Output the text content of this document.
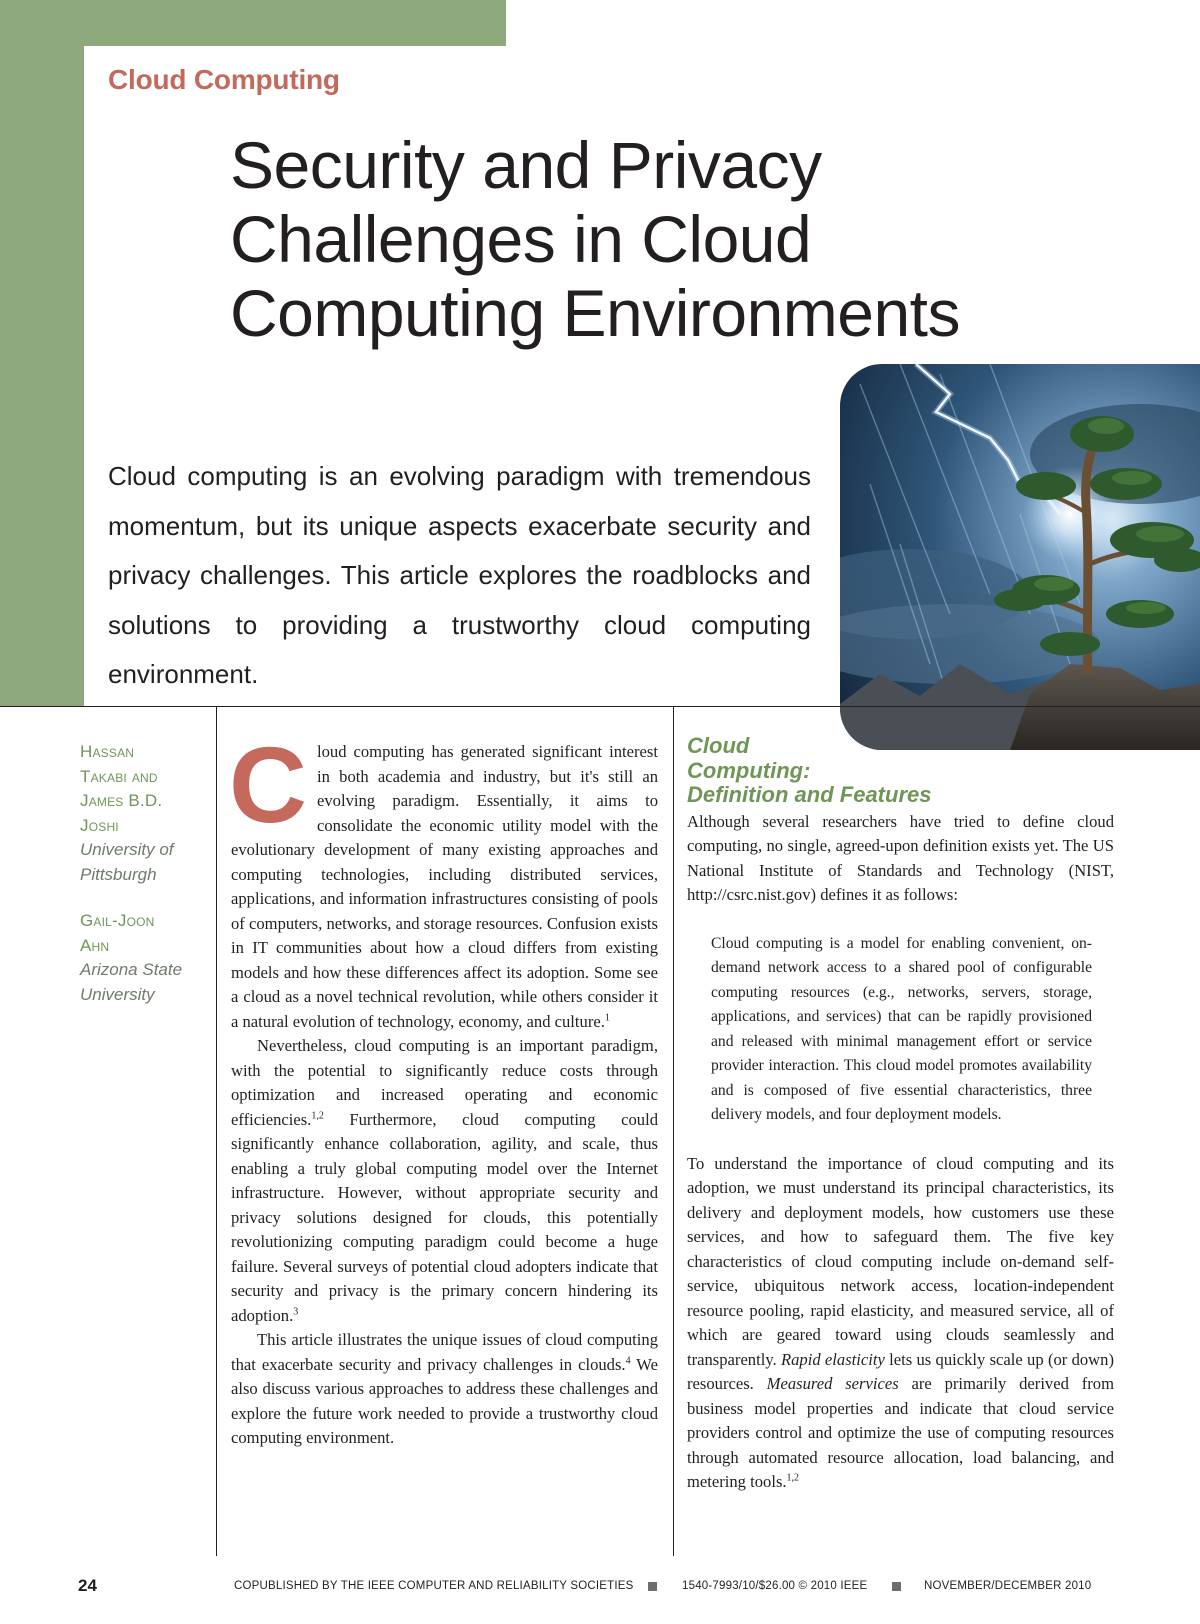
Cloud Computing
Security and Privacy
Challenges in Cloud
Computing Environments

Cloud computing is an evolving paradigm with tremendous momentum, but its unique aspects exacerbate security and privacy challenges. This article explores the roadblocks and solutions to providing a trustworthy cloud computing environment.

Hassan
Takabi and
James B.D.
Joshi
University of
Pittsburgh
Gail-Joon
Ahn
Arizona State
University

Cloud computing has generated significant interest in both academia and industry, but it's still an evolving paradigm. Essentially, it aims to consolidate the economic utility model with the evolutionary development of many existing approaches and computing technologies, including distributed services, applications, and information infrastructures consisting of pools of computers, networks, and storage resources. Confusion exists in IT communities about how a cloud differs from existing models and how these differences affect its adoption. Some see a cloud as a novel technical revolution, while others consider it a natural evolution of technology, economy, and culture.$^1$

Nevertheless, cloud computing is an important paradigm, with the potential to significantly reduce costs through optimization and increased operating and economic efficiencies.$^{1,2}$ Furthermore, cloud computing could significantly enhance collaboration, agility, and scale, thus enabling a truly global computing model over the Internet infrastructure. However, without appropriate security and privacy solutions designed for clouds, this potentially revolutionizing computing paradigm could become a huge failure. Several surveys of potential cloud adopters indicate that security and privacy is the primary concern hindering its adoption.$^3$

This article illustrates the unique issues of cloud computing that exacerbate security and privacy challenges in clouds.$^4$ We also discuss various approaches to address these challenges and explore the future work needed to provide a trustworthy cloud computing environment.

Cloud
Computing:
Definition and Features

Although several researchers have tried to define cloud computing, no single, agreed-upon definition exists yet. The US National Institute of Standards and Technology (NIST, http://csrc.nist.gov) defines it as follows:

Cloud computing is a model for enabling convenient, on-demand network access to a shared pool of configurable computing resources (e.g., networks, servers, storage, applications, and services) that can be rapidly provisioned and released with minimal management effort or service provider interaction. This cloud model promotes availability and is composed of five essential characteristics, three delivery models, and four deployment models.

To understand the importance of cloud computing and its adoption, we must understand its principal characteristics, its delivery and deployment models, how customers use these services, and how to safeguard them. The five key characteristics of cloud computing include on-demand self-service, ubiquitous network access, location-independent resource pooling, rapid elasticity, and measured service, all of which are geared toward using clouds seamlessly and transparently. Rapid elasticity lets us quickly scale up (or down) resources. Measured services are primarily derived from business model properties and indicate that cloud service providers control and optimize the use of computing resources through automated resource allocation, load balancing, and metering tools.$^{1,2}$

24	COPUBLISHED BY THE IEEE COMPUTER AND RELIABILITY SOCIETIES	1540-7993/10/$26.00 © 2010 IEEE	NOVEMBER/DECEMBER 2010
